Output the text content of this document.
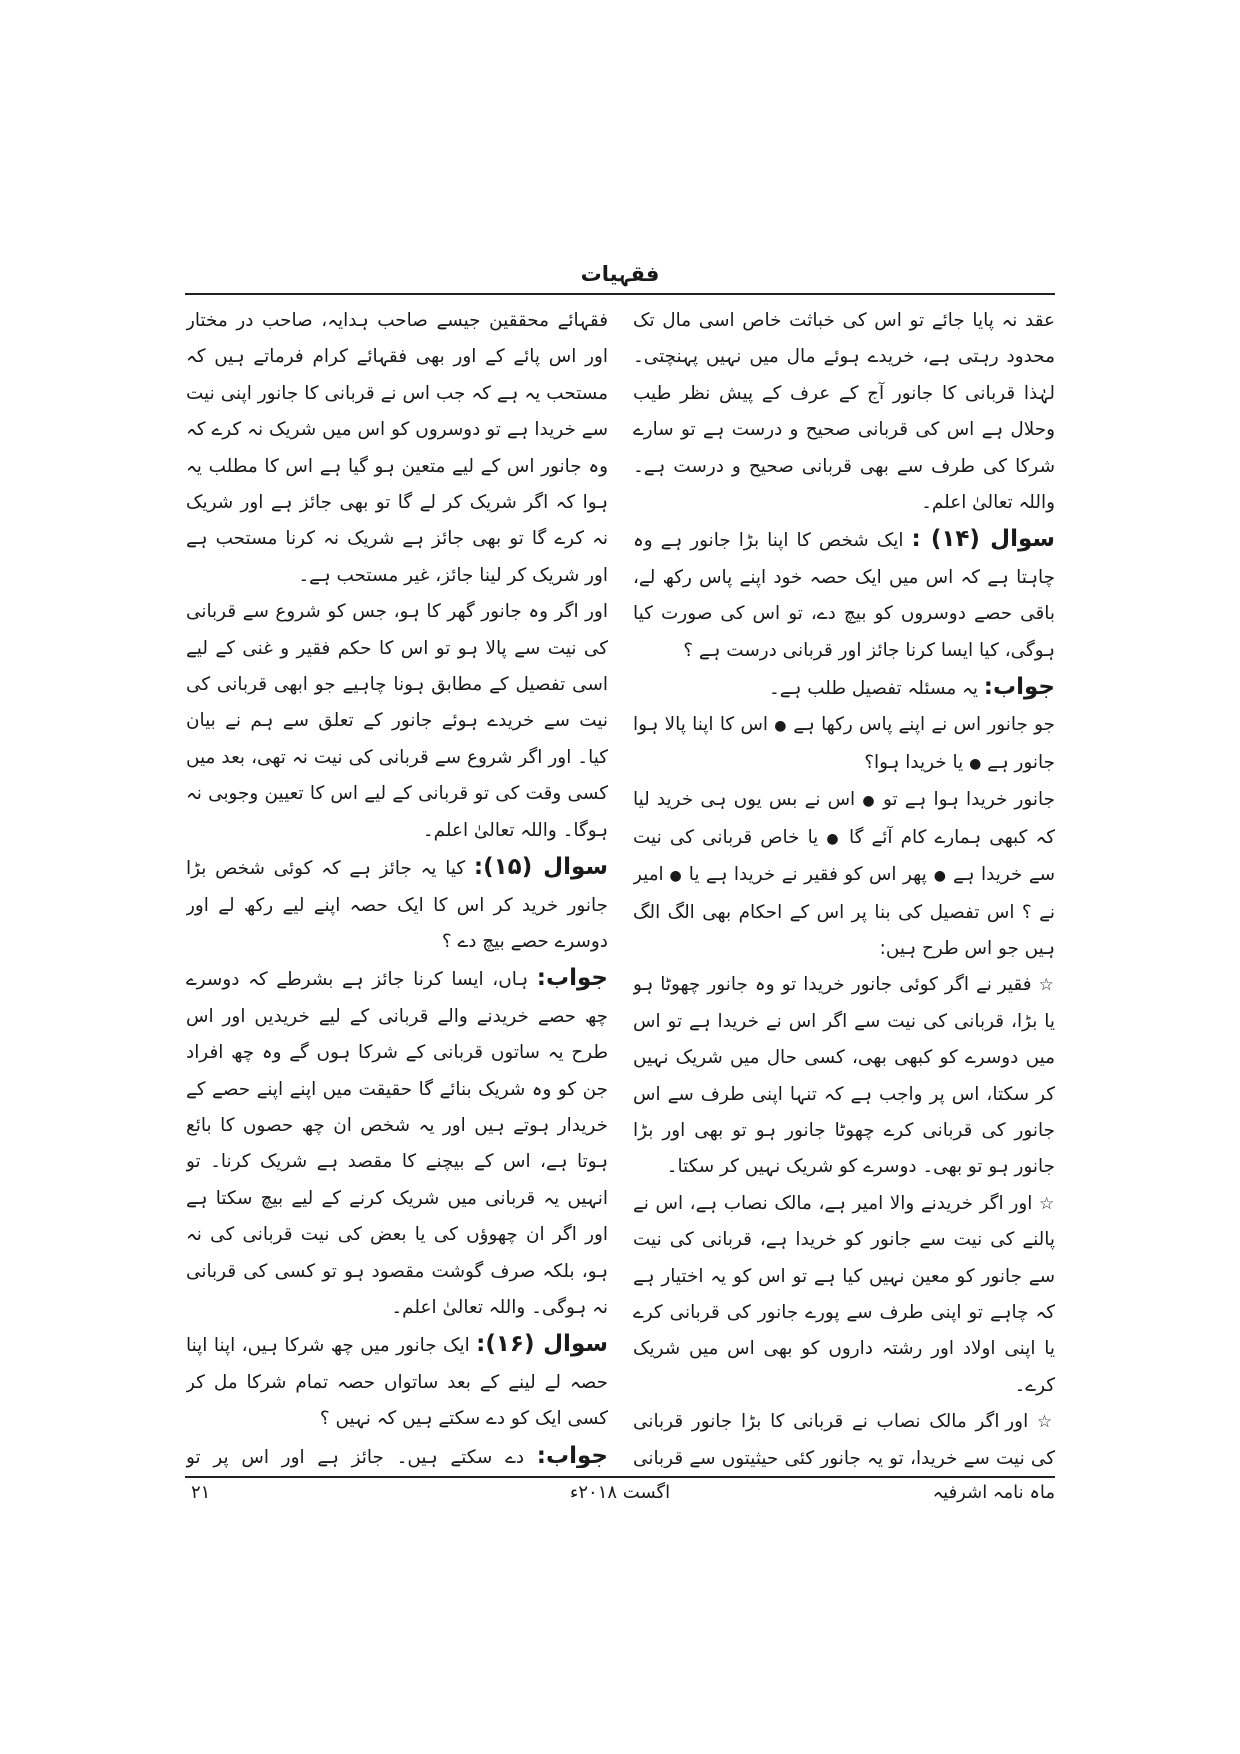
فقہیات

عقد نہ پایا جائے تو اس کی خباثت خاص اسی مال تک محدود رہتی ہے، خریدے ہوئے مال میں نہیں پہنچتی۔ لہٰذا قربانی کا جانور آج کے عرف کے پیش نظر طیب وحلال ہے اس کی قربانی صحیح و درست ہے تو سارے شرکا کی طرف سے بھی قربانی صحیح و درست ہے۔ واللہ تعالیٰ اعلم۔

سوال (۱۴) : ایک شخص کا اپنا بڑا جانور ہے وہ چاہتا ہے کہ اس میں ایک حصہ خود اپنے پاس رکھ لے، باقی حصے دوسروں کو بیچ دے، تو اس کی صورت کیا ہوگی، کیا ایسا کرنا جائز اور قربانی درست ہے ؟

جواب: یہ مسئلہ تفصیل طلب ہے۔

جو جانور اس نے اپنے پاس رکھا ہے ● اس کا اپنا پالا ہوا جانور ہے ● یا خریدا ہوا؟

جانور خریدا ہوا ہے تو ● اس نے بس یوں ہی خرید لیا کہ کبھی ہمارے کام آئے گا ● یا خاص قربانی کی نیت سے خریدا ہے ● پھر اس کو فقیر نے خریدا ہے یا ● امیر نے ؟ اس تفصیل کی بنا پر اس کے احکام بھی الگ الگ ہیں جو اس طرح ہیں:

☆ فقیر نے اگر کوئی جانور خریدا تو وہ جانور چھوٹا ہو یا بڑا، قربانی کی نیت سے اگر اس نے خریدا ہے تو اس میں دوسرے کو کبھی بھی، کسی حال میں شریک نہیں کر سکتا، اس پر واجب ہے کہ تنہا اپنی طرف سے اس جانور کی قربانی کرے چھوٹا جانور ہو تو بھی اور بڑا جانور ہو تو بھی۔ دوسرے کو شریک نہیں کر سکتا۔

☆ اور اگر خریدنے والا امیر ہے، مالک نصاب ہے، اس نے پالنے کی نیت سے جانور کو خریدا ہے، قربانی کی نیت سے جانور کو معین نہیں کیا ہے تو اس کو یہ اختیار ہے کہ چاہے تو اپنی طرف سے پورے جانور کی قربانی کرے یا اپنی اولاد اور رشتہ داروں کو بھی اس میں شریک کرے۔

☆ اور اگر مالک نصاب نے قربانی کا بڑا جانور قربانی کی نیت سے خریدا، تو یہ جانور کئی حیثیتوں سے قربانی

فقہائے محققین جیسے صاحب ہدایہ، صاحب در مختار اور اس پائے کے اور بھی فقہائے کرام فرماتے ہیں کہ مستحب یہ ہے کہ جب اس نے قربانی کا جانور اپنی نیت سے خریدا ہے تو دوسروں کو اس میں شریک نہ کرے کہ وہ جانور اس کے لیے متعین ہو گیا ہے اس کا مطلب یہ ہوا کہ اگر شریک کر لے گا تو بھی جائز ہے اور شریک نہ کرے گا تو بھی جائز ہے شریک نہ کرنا مستحب ہے اور شریک کر لینا جائز، غیر مستحب ہے۔

اور اگر وہ جانور گھر کا ہو، جس کو شروع سے قربانی کی نیت سے پالا ہو تو اس کا حکم فقیر و غنی کے لیے اسی تفصیل کے مطابق ہونا چاہیے جو ابھی قربانی کی نیت سے خریدے ہوئے جانور کے تعلق سے ہم نے بیان کیا۔ اور اگر شروع سے قربانی کی نیت نہ تھی، بعد میں کسی وقت کی تو قربانی کے لیے اس کا تعیین وجوبی نہ ہوگا۔ واللہ تعالیٰ اعلم۔

سوال (۱۵): کیا یہ جائز ہے کہ کوئی شخص بڑا جانور خرید کر اس کا ایک حصہ اپنے لیے رکھ لے اور دوسرے حصے بیچ دے ؟

جواب: ہاں، ایسا کرنا جائز ہے بشرطے کہ دوسرے چھ حصے خریدنے والے قربانی کے لیے خریدیں اور اس طرح یہ ساتوں قربانی کے شرکا ہوں گے وہ چھ افراد جن کو وہ شریک بنائے گا حقیقت میں اپنے اپنے حصے کے خریدار ہوتے ہیں اور یہ شخص ان چھ حصوں کا بائع ہوتا ہے، اس کے بیچنے کا مقصد ہے شریک کرنا۔ تو انہیں یہ قربانی میں شریک کرنے کے لیے بیچ سکتا ہے اور اگر ان چھوؤں کی یا بعض کی نیت قربانی کی نہ ہو، بلکہ صرف گوشت مقصود ہو تو کسی کی قربانی نہ ہوگی۔ واللہ تعالیٰ اعلم۔

سوال (۱۶): ایک جانور میں چھ شرکا ہیں، اپنا اپنا حصہ لے لینے کے بعد ساتواں حصہ تمام شرکا مل کر کسی ایک کو دے سکتے ہیں کہ نہیں ؟

جواب: دے سکتے ہیں۔ جائز ہے اور اس پر تو

ماہ نامہ اشرفیہ
اگست ۲۰۱۸ء
۲۱
